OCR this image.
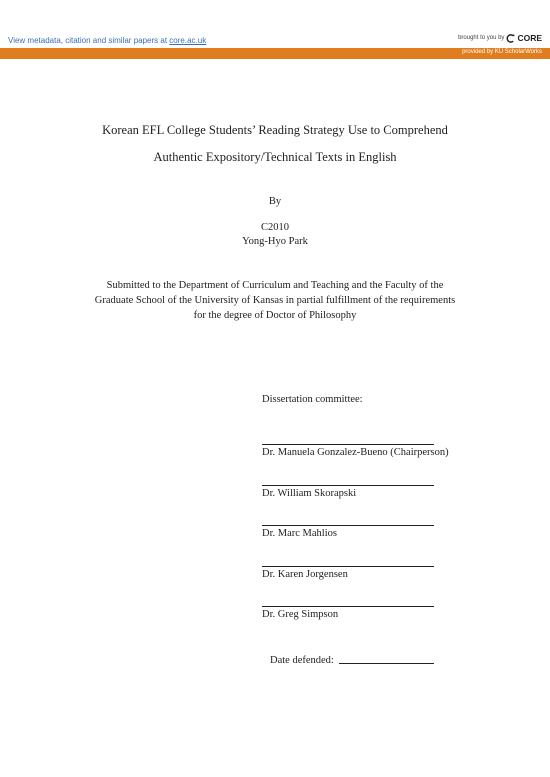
View metadata, citation and similar papers at core.ac.uk	brought to you by CORE
provided by KU ScholarWorks
Korean EFL College Students’ Reading Strategy Use to Comprehend
Authentic Expository/Technical Texts in English
By
C2010
Yong-Hyo Park
Submitted to the Department of Curriculum and Teaching and the Faculty of the
Graduate School of the University of Kansas in partial fulfillment of the requirements
for the degree of Doctor of Philosophy
Dissertation committee:
Dr. Manuela Gonzalez-Bueno (Chairperson)
Dr. William Skorapski
Dr. Marc Mahlios
Dr. Karen Jorgensen
Dr. Greg Simpson
Date defended:
